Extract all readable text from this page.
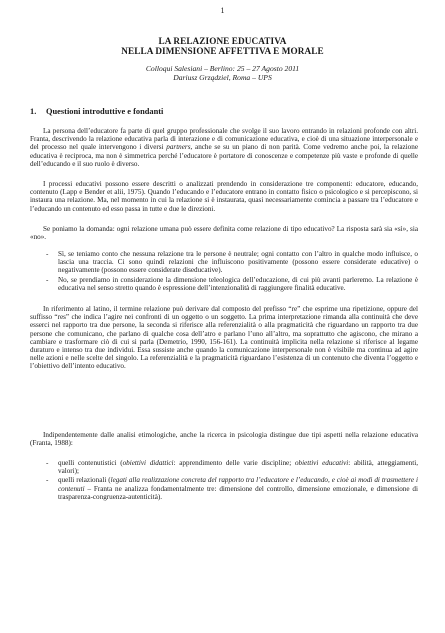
1
LA RELAZIONE EDUCATIVA
NELLA DIMENSIONE AFFETTIVA E MORALE
Colloqui Salesiani – Berlino: 25 – 27 Agosto 2011
Dariusz Grządziel, Roma – UPS
1. Questioni introduttive e fondanti

La persona dell’educatore fa parte di quel gruppo professionale che svolge il suo lavoro entrando in relazioni profonde con altri. Franta, descrivendo la relazione educativa parla di interazione e di comunicazione educativa, e cioè di una situazione interpersonale e del processo nel quale intervengono i diversi partners, anche se su un piano di non parità. Come vedremo anche poi, la relazione educativa è reciproca, ma non è simmetrica perché l’educatore è portatore di conoscenze e competenze più vaste e profonde di quelle dell’educando e il suo ruolo è diverso.

I processi educativi possono essere descritti o analizzati prendendo in considerazione tre componenti: educatore, educando, contenuto (Lapp e Bender et alii, 1975). Quando l’educando e l’educatore entrano in contatto fisico o psicologico e si percepiscono, si instaura una relazione. Ma, nel momento in cui la relazione si è instaurata, quasi necessariamente comincia a passare tra l’educatore e l’educando un contenuto ed esso passa in tutte e due le direzioni.

Se poniamo la domanda: ogni relazione umana può essere definita come relazione di tipo educativo? La risposta sarà sia «sì», sia «no».

- Sì, se teniamo conto che nessuna relazione tra le persone è neutrale; ogni contatto con l’altro in qualche modo influisce, o lascia una traccia. Ci sono quindi relazioni che influiscono positivamente (possono essere considerate educative) o negativamente (possono essere considerate diseducative).
- No, se prendiamo in considerazione la dimensione teleologica dell’educazione, di cui più avanti parleremo. La relazione è educativa nel senso stretto quando è espressione dell’intenzionalità di raggiungere finalità educative.

In riferimento al latino, il termine relazione può derivare dal composto del prefisso “re” che esprime una ripetizione, oppure del suffisso “res” che indica l’agire nei confronti di un oggetto o un soggetto. La prima interpretazione rimanda alla continuità che deve esserci nel rapporto tra due persone, la seconda si riferisce alla referenzialità o alla pragmaticità che riguardano un rapporto tra due persone che comunicano, che parlano di qualche cosa dell’atro e parlano l’uno all’altro, ma soprattutto che agiscono, che mirano a cambiare e trasformare ciò di cui si parla (Demetrio, 1990, 156-161). La continuità implicita nella relazione si riferisce al legame duraturo e intenso tra due individui. Essa sussiste anche quando la comunicazione interpersonale non è visibile ma continua ad agire nelle azioni e nelle scelte del singolo. La referenzialità e la pragmaticità riguardano l’esistenza di un contenuto che diventa l’oggetto e l’obiettivo dell’intento educativo.

Indipendentemente dalle analisi etimologiche, anche la ricerca in psicologia distingue due tipi aspetti nella relazione educativa (Franta, 1988):

- quelli contenutistici (obiettivi didattici: apprendimento delle varie discipline; obiettivi educativi: abilità, atteggiamenti, valori);
- quelli relazionali (legati alla realizzazione concreta del rapporto tra l’educatore e l’educando, e cioè ai modi di trasmettere i contenuti – Franta ne analizza fondamentalmente tre: dimensione del controllo, dimensione emozionale, e dimensione di trasparenza-congruenza-autenticità).
